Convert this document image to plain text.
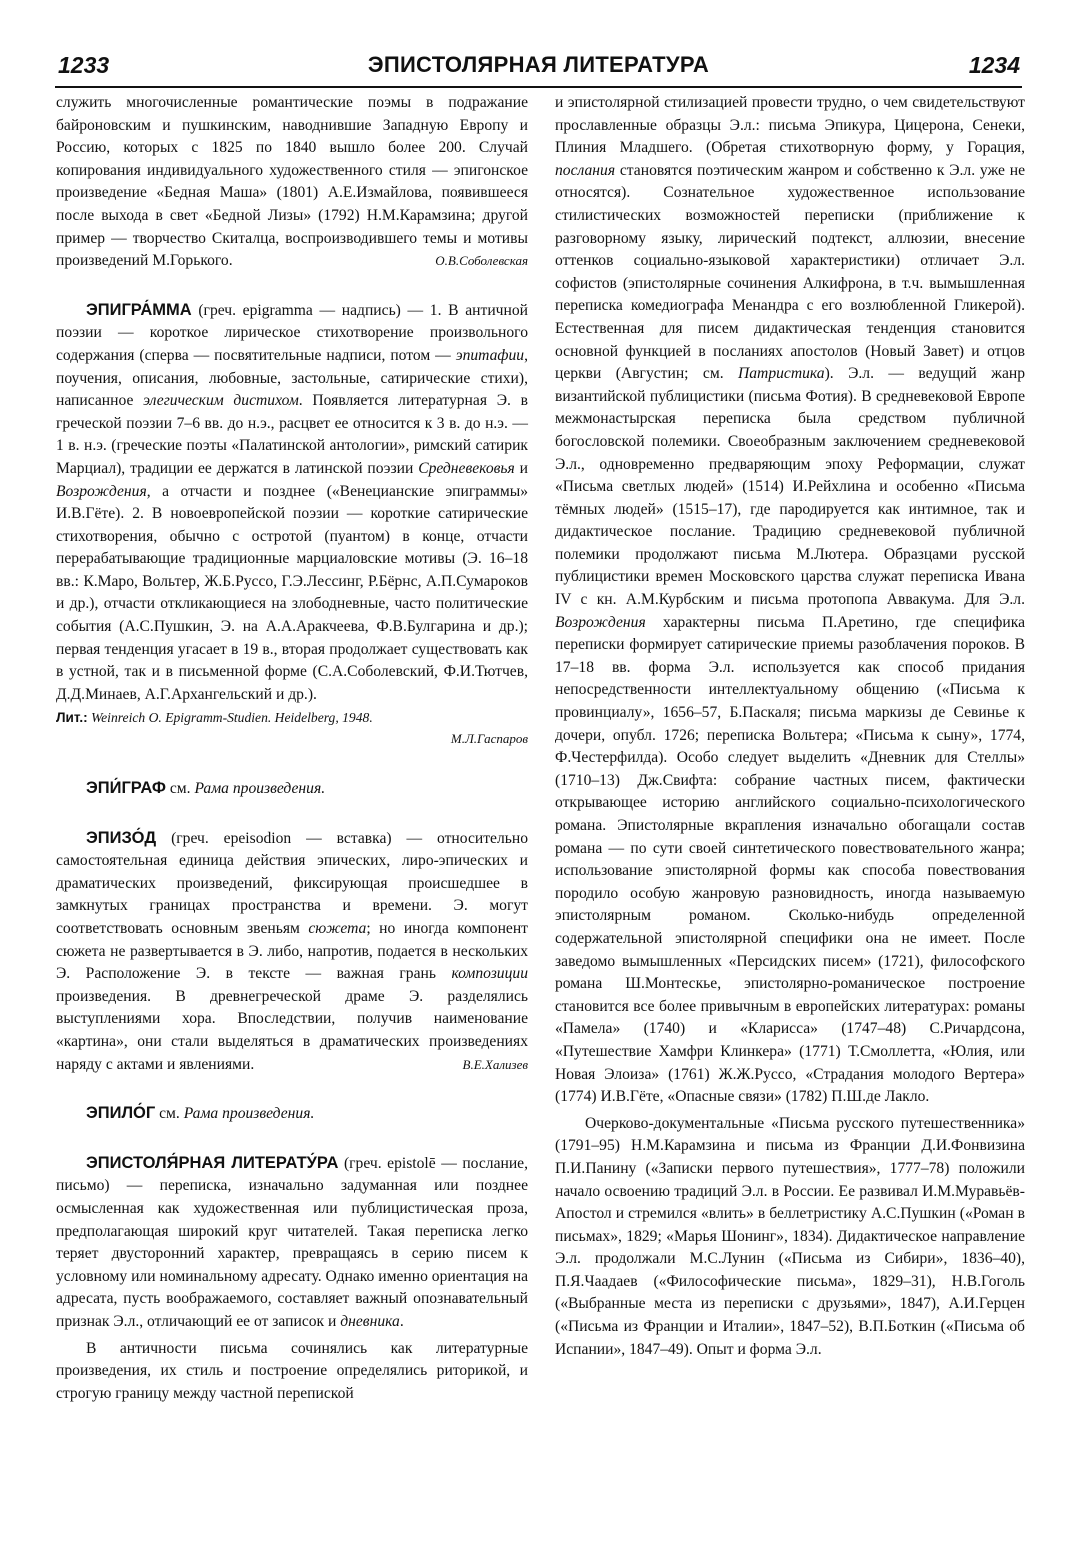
1233	ЭПИСТОЛЯРНАЯ ЛИТЕРАТУРА	1234

служить многочисленные романтические поэмы в подражание байроновским и пушкинским, наводнившие Западную Европу и Россию, которых с 1825 по 1840 вышло более 200. Случай копирования индивидуального художественного стиля — эпигонское произведение «Бедная Маша» (1801) А.Е.Измайлова, появившееся после выхода в свет «Бедной Лизы» (1792) Н.М.Карамзина; другой пример — творчество Скиталца, воспроизводившего темы и мотивы произведений М.Горького.	О.В.Соболевская

ЭПИГРА́ММА (греч. epigramma — надпись) — 1. В античной поэзии — короткое лирическое стихотворение произвольного содержания (сперва — посвятительные надписи, потом — эпитафии, поучения, описания, любовные, застольные, сатирические стихи), написанное элегическим дистихом. Появляется литературная Э. в греческой поэзии 7–6 вв. до н.э., расцвет ее относится к 3 в. до н.э. — 1 в. н.э. (греческие поэты «Палатинской антологии», римский сатирик Марциал), традиции ее держатся в латинской поэзии Средневековья и Возрождения, а отчасти и позднее («Венецианские эпиграммы» И.В.Гёте). 2. В новоевропейской поэзии — короткие сатирические стихотворения, обычно с остротой (пуантом) в конце, отчасти перерабатывающие традиционные марциаловские мотивы (Э. 16–18 вв.: К.Маро, Вольтер, Ж.Б.Руссо, Г.Э.Лессинг, Р.Бёрнс, А.П.Сумароков и др.), отчасти откликающиеся на злободневные, часто политические события (А.С.Пушкин, Э. на А.А.Аракчеева, Ф.В.Булгарина и др.); первая тенденция угасает в 19 в., вторая продолжает существовать как в устной, так и в письменной форме (С.А.Соболевский, Ф.И.Тютчев, Д.Д.Минаев, А.Г.Архангельский и др.).

Лит.: Weinreich O. Epigramm-Studien. Heidelberg, 1948.

М.Л.Гаспаров

ЭПИ́ГРАФ см. Рама произведения.

ЭПИЗО́Д (греч. epeisodion — вставка) — относительно самостоятельная единица действия эпических, лиро-эпических и драматических произведений, фиксирующая происшедшее в замкнутых границах пространства и времени. Э. могут соответствовать основным звеньям сюжета; но иногда компонент сюжета не развертывается в Э. либо, напротив, подается в нескольких Э. Расположение Э. в тексте — важная грань композиции произведения. В древнегреческой драме Э. разделялись выступлениями хора. Впоследствии, получив наименование «картина», они стали выделяться в драматических произведениях наряду с актами и явлениями.	В.Е.Хализев

ЭПИЛО́Г см. Рама произведения.

ЭПИСТОЛЯ́РНАЯ ЛИТЕРАТУ́РА (греч. epistolē — послание, письмо) — переписка, изначально задуманная или позднее осмысленная как художественная или публицистическая проза, предполагающая широкий круг читателей. Такая переписка легко теряет двусторонний характер, превращаясь в серию писем к условному или номинальному адресату. Однако именно ориентация на адресата, пусть воображаемого, составляет важный опознавательный признак Э.л., отличающий ее от записок и дневника.

В античности письма сочинялись как литературные произведения, их стиль и построение определялись риторикой, и строгую границу между частной перепиской

и эпистолярной стилизацией провести трудно, о чем свидетельствуют прославленные образцы Э.л.: письма Эпикура, Цицерона, Сенеки, Плиния Младшего. (Обретая стихотворную форму, у Горация, послания становятся поэтическим жанром и собственно к Э.л. уже не относятся). Сознательное художественное использование стилистических возможностей переписки (приближение к разговорному языку, лирический подтекст, аллюзии, внесение оттенков социально-языковой характеристики) отличает Э.л. софистов (эпистолярные сочинения Алкифрона, в т.ч. вымышленная переписка комедиографа Менандра с его возлюбленной Гликерой). Естественная для писем дидактическая тенденция становится основной функцией в посланиях апостолов (Новый Завет) и отцов церкви (Августин; см. Патристика). Э.л. — ведущий жанр византийской публицистики (письма Фотия). В средневековой Европе межмонастырская переписка была средством публичной богословской полемики. Своеобразным заключением средневековой Э.л., одновременно предваряющим эпоху Реформации, служат «Письма светлых людей» (1514) И.Рейхлина и особенно «Письма тёмных людей» (1515–17), где пародируется как интимное, так и дидактическое послание. Традицию средневековой публичной полемики продолжают письма М.Лютера. Образцами русской публицистики времен Московского царства служат переписка Ивана IV с кн. А.М.Курбским и письма протопопа Аввакума. Для Э.л. Возрождения характерны письма П.Аретино, где специфика переписки формирует сатирические приемы разоблачения пороков. В 17–18 вв. форма Э.л. используется как способ придания непосредственности интеллектуальному общению («Письма к провинциалу», 1656–57, Б.Паскаля; письма маркизы де Севинье к дочери, опубл. 1726; переписка Вольтера; «Письма к сыну», 1774, Ф.Честерфилда). Особо следует выделить «Дневник для Стеллы» (1710–13) Дж.Свифта: собрание частных писем, фактически открывающее историю английского социально-психологического романа. Эпистолярные вкрапления изначально обогащали состав романа — по сути своей синтетического повествовательного жанра; использование эпистолярной формы как способа повествования породило особую жанровую разновидность, иногда называемую эпистолярным романом. Сколько-нибудь определенной содержательной эпистолярной специфики она не имеет. После заведомо вымышленных «Персидских писем» (1721), философского романа Ш.Монтескье, эпистолярно-романическое построение становится все более привычным в европейских литературах: романы «Памела» (1740) и «Кларисса» (1747–48) С.Ричардсона, «Путешествие Хамфри Клинкера» (1771) Т.Смоллетта, «Юлия, или Новая Элоиза» (1761) Ж.Ж.Руссо, «Страдания молодого Вертера» (1774) И.В.Гёте, «Опасные связи» (1782) П.Ш.де Лакло.

Очерково-документальные «Письма русского путешественника» (1791–95) Н.М.Карамзина и письма из Франции Д.И.Фонвизина П.И.Панину («Записки первого путешествия», 1777–78) положили начало освоению традиций Э.л. в России. Ее развивал И.М.Муравьёв-Апостол и стремился «влить» в беллетристику А.С.Пушкин («Роман в письмах», 1829; «Марья Шонинг», 1834). Дидактическое направление Э.л. продолжали М.С.Лунин («Письма из Сибири», 1836–40), П.Я.Чаадаев («Философические письма», 1829–31), Н.В.Гоголь («Выбранные места из переписки с друзьями», 1847), А.И.Герцен («Письма из Франции и Италии», 1847–52), В.П.Боткин («Письма об Испании», 1847–49). Опыт и форма Э.л.
